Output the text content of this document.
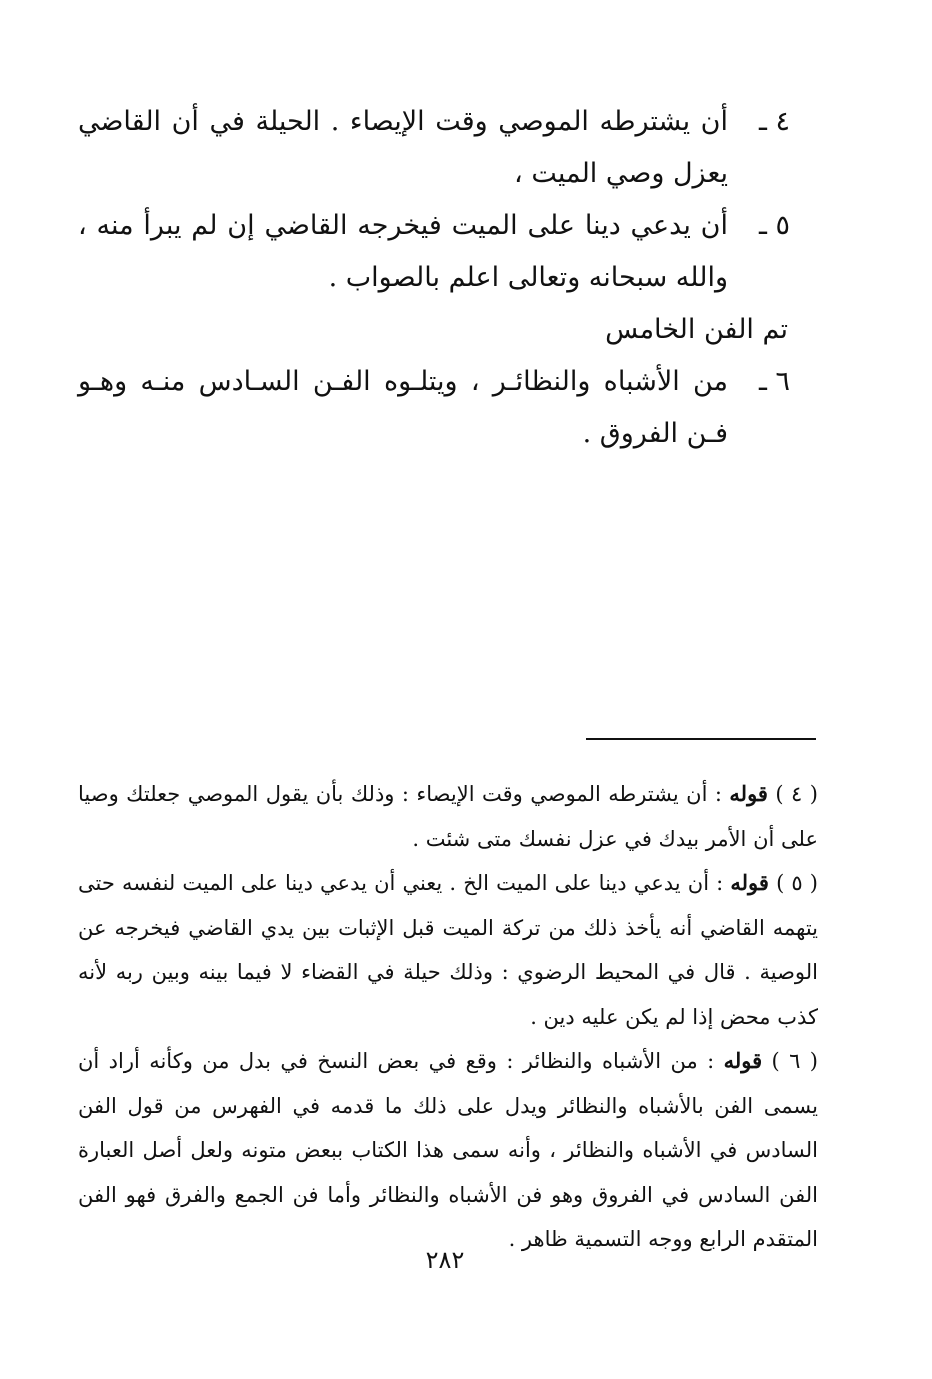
٤ ـ
أن يشترطه الموصي وقت الإيصاء . الحيلة في أن القاضي يعزل وصي الميت ،
٥ ـ
أن يدعي دينا على الميت فيخرجه القاضي إن لم يبرأ منه ، والله سبحانه وتعالى اعلم بالصواب .
تم الفن الخامس
٦ ـ
من الأشباه والنظائـر ، ويتلـوه الفـن السـادس منـه وهـو فـن الفروق .

( ٤ ) قوله : أن يشترطه الموصي وقت الإيصاء : وذلك بأن يقول الموصي جعلتك وصيا على أن الأمر بيدك في عزل نفسك متى شئت .

( ٥ ) قوله : أن يدعي دينا على الميت الخ . يعني أن يدعي دينا على الميت لنفسه حتى يتهمه القاضي أنه يأخذ ذلك من تركة الميت قبل الإثبات بين يدي القاضي فيخرجه عن الوصية . قال في المحيط الرضوي : وذلك حيلة في القضاء لا فيما بينه وبين ربه لأنه كذب محض إذا لم يكن عليه دين .

( ٦ ) قوله : من الأشباه والنظائر : وقع في بعض النسخ في بدل من وكأنه أراد أن يسمى الفن بالأشباه والنظائر ويدل على ذلك ما قدمه في الفهرس من قول الفن السادس في الأشباه والنظائر ، وأنه سمى هذا الكتاب ببعض متونه ولعل أصل العبارة الفن السادس في الفروق وهو فن الأشباه والنظائر وأما فن الجمع والفرق فهو الفن المتقدم الرابع ووجه التسمية ظاهر .

٢٨٢
